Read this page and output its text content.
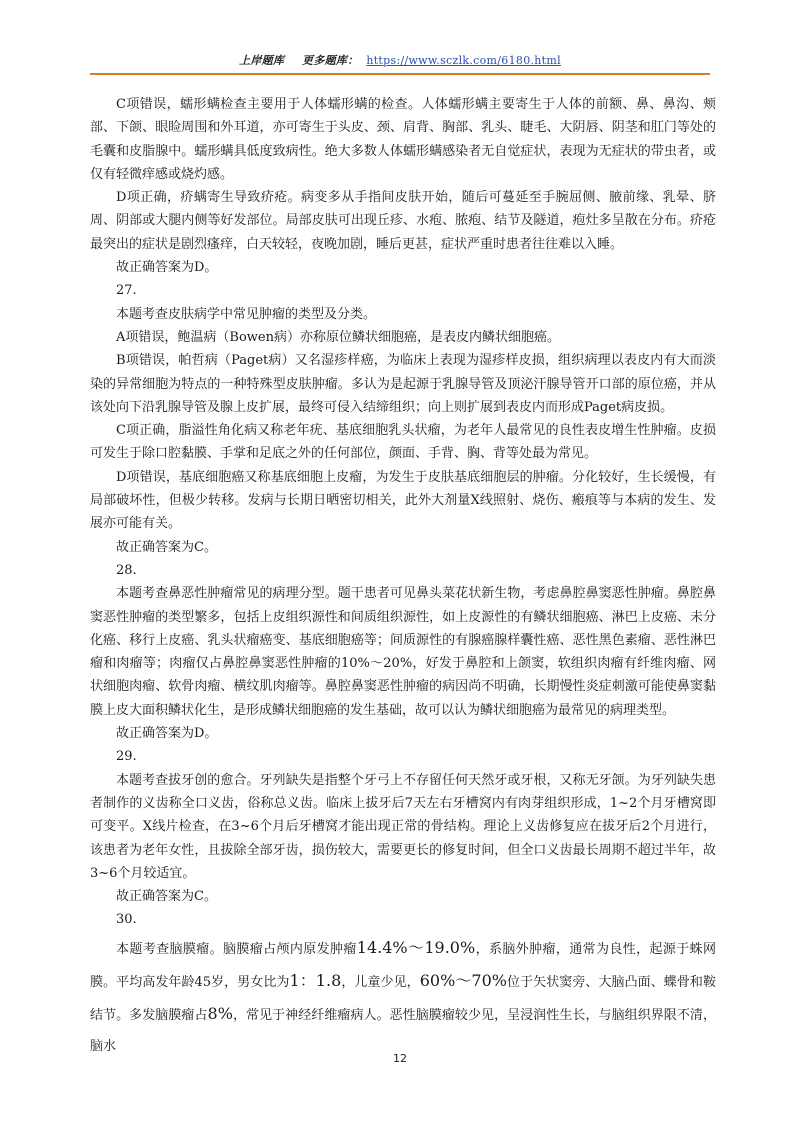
上岸题库 更多题库： https://www.sczlk.com/6180.html

C项错误，蠕形螨检查主要用于人体蠕形螨的检查。人体蠕形螨主要寄生于人体的前额、鼻、鼻沟、颊部、下颌、眼睑周围和外耳道，亦可寄生于头皮、颈、肩背、胸部、乳头、睫毛、大阴唇、阴茎和肛门等处的毛囊和皮脂腺中。蠕形螨具低度致病性。绝大多数人体蠕形螨感染者无自觉症状，表现为无症状的带虫者，或仅有轻微痒感或烧灼感。

D项正确，疥螨寄生导致疥疮。病变多从手指间皮肤开始，随后可蔓延至手腕屈侧、腋前缘、乳晕、脐周、阴部或大腿内侧等好发部位。局部皮肤可出现丘疹、水疱、脓疱、结节及隧道，疱灶多呈散在分布。疥疮最突出的症状是剧烈瘙痒，白天较轻，夜晚加剧，睡后更甚，症状严重时患者往往难以入睡。

故正确答案为D。

27.

本题考查皮肤病学中常见肿瘤的类型及分类。

A项错误，鲍温病（Bowen病）亦称原位鳞状细胞癌，是表皮内鳞状细胞癌。

B项错误，帕哲病（Paget病）又名湿疹样癌，为临床上表现为湿疹样皮损，组织病理以表皮内有大而淡染的异常细胞为特点的一种特殊型皮肤肿瘤。多认为是起源于乳腺导管及顶泌汗腺导管开口部的原位癌，并从该处向下沿乳腺导管及腺上皮扩展，最终可侵入结缔组织；向上则扩展到表皮内而形成Paget病皮损。

C项正确，脂溢性角化病又称老年疣、基底细胞乳头状瘤，为老年人最常见的良性表皮增生性肿瘤。皮损可发生于除口腔黏膜、手掌和足底之外的任何部位，颜面、手背、胸、背等处最为常见。

D项错误，基底细胞癌又称基底细胞上皮瘤，为发生于皮肤基底细胞层的肿瘤。分化较好，生长缓慢，有局部破坏性，但极少转移。发病与长期日晒密切相关，此外大剂量X线照射、烧伤、瘢痕等与本病的发生、发展亦可能有关。

故正确答案为C。

28.

本题考查鼻恶性肿瘤常见的病理分型。题干患者可见鼻头菜花状新生物，考虑鼻腔鼻窦恶性肿瘤。鼻腔鼻窦恶性肿瘤的类型繁多，包括上皮组织源性和间质组织源性，如上皮源性的有鳞状细胞癌、淋巴上皮癌、未分化癌、移行上皮癌、乳头状瘤癌变、基底细胞癌等；间质源性的有腺癌腺样囊性癌、恶性黑色素瘤、恶性淋巴瘤和肉瘤等；肉瘤仅占鼻腔鼻窦恶性肿瘤的10%～20%，好发于鼻腔和上颌窦，软组织肉瘤有纤维肉瘤、网状细胞肉瘤、软骨肉瘤、横纹肌肉瘤等。鼻腔鼻窦恶性肿瘤的病因尚不明确，长期慢性炎症刺激可能使鼻窦黏膜上皮大面积鳞状化生，是形成鳞状细胞癌的发生基础，故可以认为鳞状细胞癌为最常见的病理类型。

故正确答案为D。

29.

本题考查拔牙创的愈合。牙列缺失是指整个牙弓上不存留任何天然牙或牙根，又称无牙颌。为牙列缺失患者制作的义齿称全口义齿，俗称总义齿。临床上拔牙后7天左右牙槽窝内有肉芽组织形成，1~2个月牙槽窝即可变平。X线片检查，在3~6个月后牙槽窝才能出现正常的骨结构。理论上义齿修复应在拔牙后2个月进行，该患者为老年女性，且拔除全部牙齿，损伤较大，需要更长的修复时间，但全口义齿最长周期不超过半年，故3~6个月较适宜。

故正确答案为C。

30.

本题考查脑膜瘤。脑膜瘤占颅内原发肿瘤14.4%～19.0%，系脑外肿瘤，通常为良性，起源于蛛网膜。平均高发年龄45岁，男女比为1：1.8，儿童少见，60%～70%位于矢状窦旁、大脑凸面、蝶骨和鞍结节。多发脑膜瘤占8%，常见于神经纤维瘤病人。恶性脑膜瘤较少见，呈浸润性生长，与脑组织界限不清，脑水

12
